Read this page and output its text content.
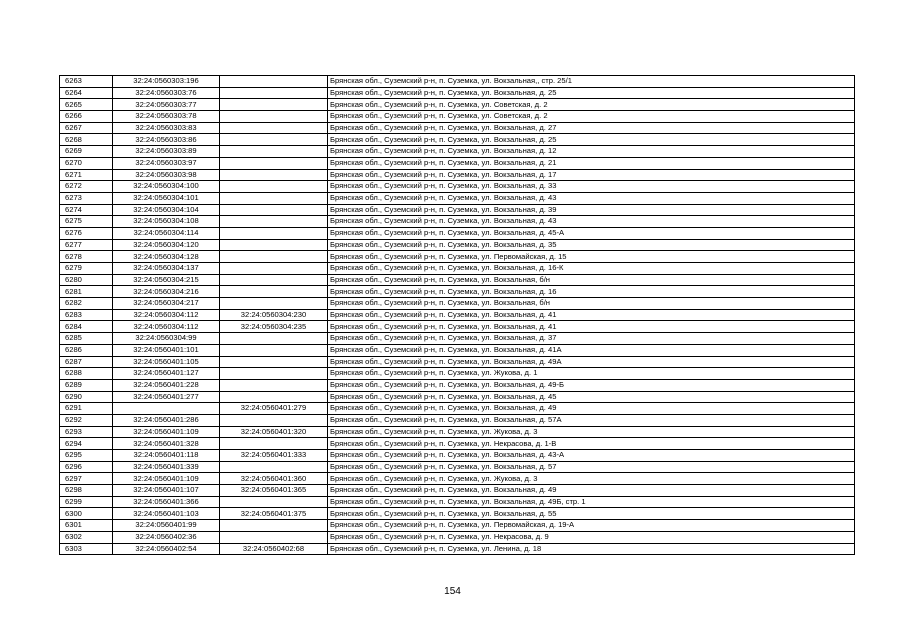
6263	32:24:0560303:196		Брянская обл., Суземский р-н, п. Суземка, ул. Вокзальная,, стр. 25/1
6264	32:24:0560303:76		Брянская обл., Суземский р-н, п. Суземка, ул. Вокзальная, д. 25
6265	32:24:0560303:77		Брянская обл., Суземский р-н, п. Суземка, ул. Советская, д. 2
6266	32:24:0560303:78		Брянская обл., Суземский р-н, п. Суземка, ул. Советская, д. 2
6267	32:24:0560303:83		Брянская обл., Суземский р-н, п. Суземка, ул. Вокзальная, д. 27
6268	32:24:0560303:86		Брянская обл., Суземский р-н, п. Суземка, ул. Вокзальная, д. 25
6269	32:24:0560303:89		Брянская обл., Суземский р-н, п. Суземка, ул. Вокзальная, д. 12
6270	32:24:0560303:97		Брянская обл., Суземский р-н, п. Суземка, ул. Вокзальная, д. 21
6271	32:24:0560303:98		Брянская обл., Суземский р-н, п. Суземка, ул. Вокзальная, д. 17
6272	32:24:0560304:100		Брянская обл., Суземский р-н, п. Суземка, ул. Вокзальная, д. 33
6273	32:24:0560304:101		Брянская обл., Суземский р-н, п. Суземка, ул. Вокзальная, д. 43
6274	32:24:0560304:104		Брянская обл., Суземский р-н, п. Суземка, ул. Вокзальная, д. 39
6275	32:24:0560304:108		Брянская обл., Суземский р-н, п. Суземка, ул. Вокзальная, д. 43
6276	32:24:0560304:114		Брянская обл., Суземский р-н, п. Суземка, ул. Вокзальная, д. 45-А
6277	32:24:0560304:120		Брянская обл., Суземский р-н, п. Суземка, ул. Вокзальная, д. 35
6278	32:24:0560304:128		Брянская обл., Суземский р-н, п. Суземка, ул. Первомайская, д. 15
6279	32:24:0560304:137		Брянская обл., Суземский р-н, п. Суземка, ул. Вокзальная, д. 16-К
6280	32:24:0560304:215		Брянская обл., Суземский р-н, п. Суземка, ул. Вокзальная, б/н
6281	32:24:0560304:216		Брянская обл., Суземский р-н, п. Суземка, ул. Вокзальная, д. 16
6282	32:24:0560304:217		Брянская обл., Суземский р-н, п. Суземка, ул. Вокзальная, б/н
6283	32:24:0560304:112	32:24:0560304:230	Брянская обл., Суземский р-н, п. Суземка, ул. Вокзальная, д. 41
6284	32:24:0560304:112	32:24:0560304:235	Брянская обл., Суземский р-н, п. Суземка, ул. Вокзальная, д. 41
6285	32:24:0560304:99		Брянская обл., Суземский р-н, п. Суземка, ул. Вокзальная, д. 37
6286	32:24:0560401:101		Брянская обл., Суземский р-н, п. Суземка, ул. Вокзальная, д. 41А
6287	32:24:0560401:105		Брянская обл., Суземский р-н, п. Суземка, ул. Вокзальная, д. 49А
6288	32:24:0560401:127		Брянская обл., Суземский р-н, п. Суземка, ул. Жукова, д. 1
6289	32:24:0560401:228		Брянская обл., Суземский р-н, п. Суземка, ул. Вокзальная, д. 49-Б
6290	32:24:0560401:277		Брянская обл., Суземский р-н, п. Суземка, ул. Вокзальная, д. 45
6291		32:24:0560401:279	Брянская обл., Суземский р-н, п. Суземка, ул. Вокзальная, д. 49
6292	32:24:0560401:286		Брянская обл., Суземский р-н, п. Суземка, ул. Вокзальная, д. 57А
6293	32:24:0560401:109	32:24:0560401:320	Брянская обл., Суземский р-н, п. Суземка, ул. Жукова, д. 3
6294	32:24:0560401:328		Брянская обл., Суземский р-н, п. Суземка, ул. Некрасова, д. 1-В
6295	32:24:0560401:118	32:24:0560401:333	Брянская обл., Суземский р-н, п. Суземка, ул. Вокзальная, д. 43-А
6296	32:24:0560401:339		Брянская обл., Суземский р-н, п. Суземка, ул. Вокзальная, д. 57
6297	32:24:0560401:109	32:24:0560401:360	Брянская обл., Суземский р-н, п. Суземка, ул. Жукова, д. 3
6298	32:24:0560401:107	32:24:0560401:365	Брянская обл., Суземский р-н, п. Суземка, ул. Вокзальная, д. 49
6299	32:24:0560401:366		Брянская обл., Суземский р-н, п. Суземка, ул. Вокзальная, д. 49Б, стр. 1
6300	32:24:0560401:103	32:24:0560401:375	Брянская обл., Суземский р-н, п. Суземка, ул. Вокзальная, д. 55
6301	32:24:0560401:99		Брянская обл., Суземский р-н, п. Суземка, ул. Первомайская, д. 19-А
6302	32:24:0560402:36		Брянская обл., Суземский р-н, п. Суземка, ул. Некрасова, д. 9
6303	32:24:0560402:54	32:24:0560402:68	Брянская обл., Суземский р-н, п. Суземка, ул. Ленина, д. 18
154
